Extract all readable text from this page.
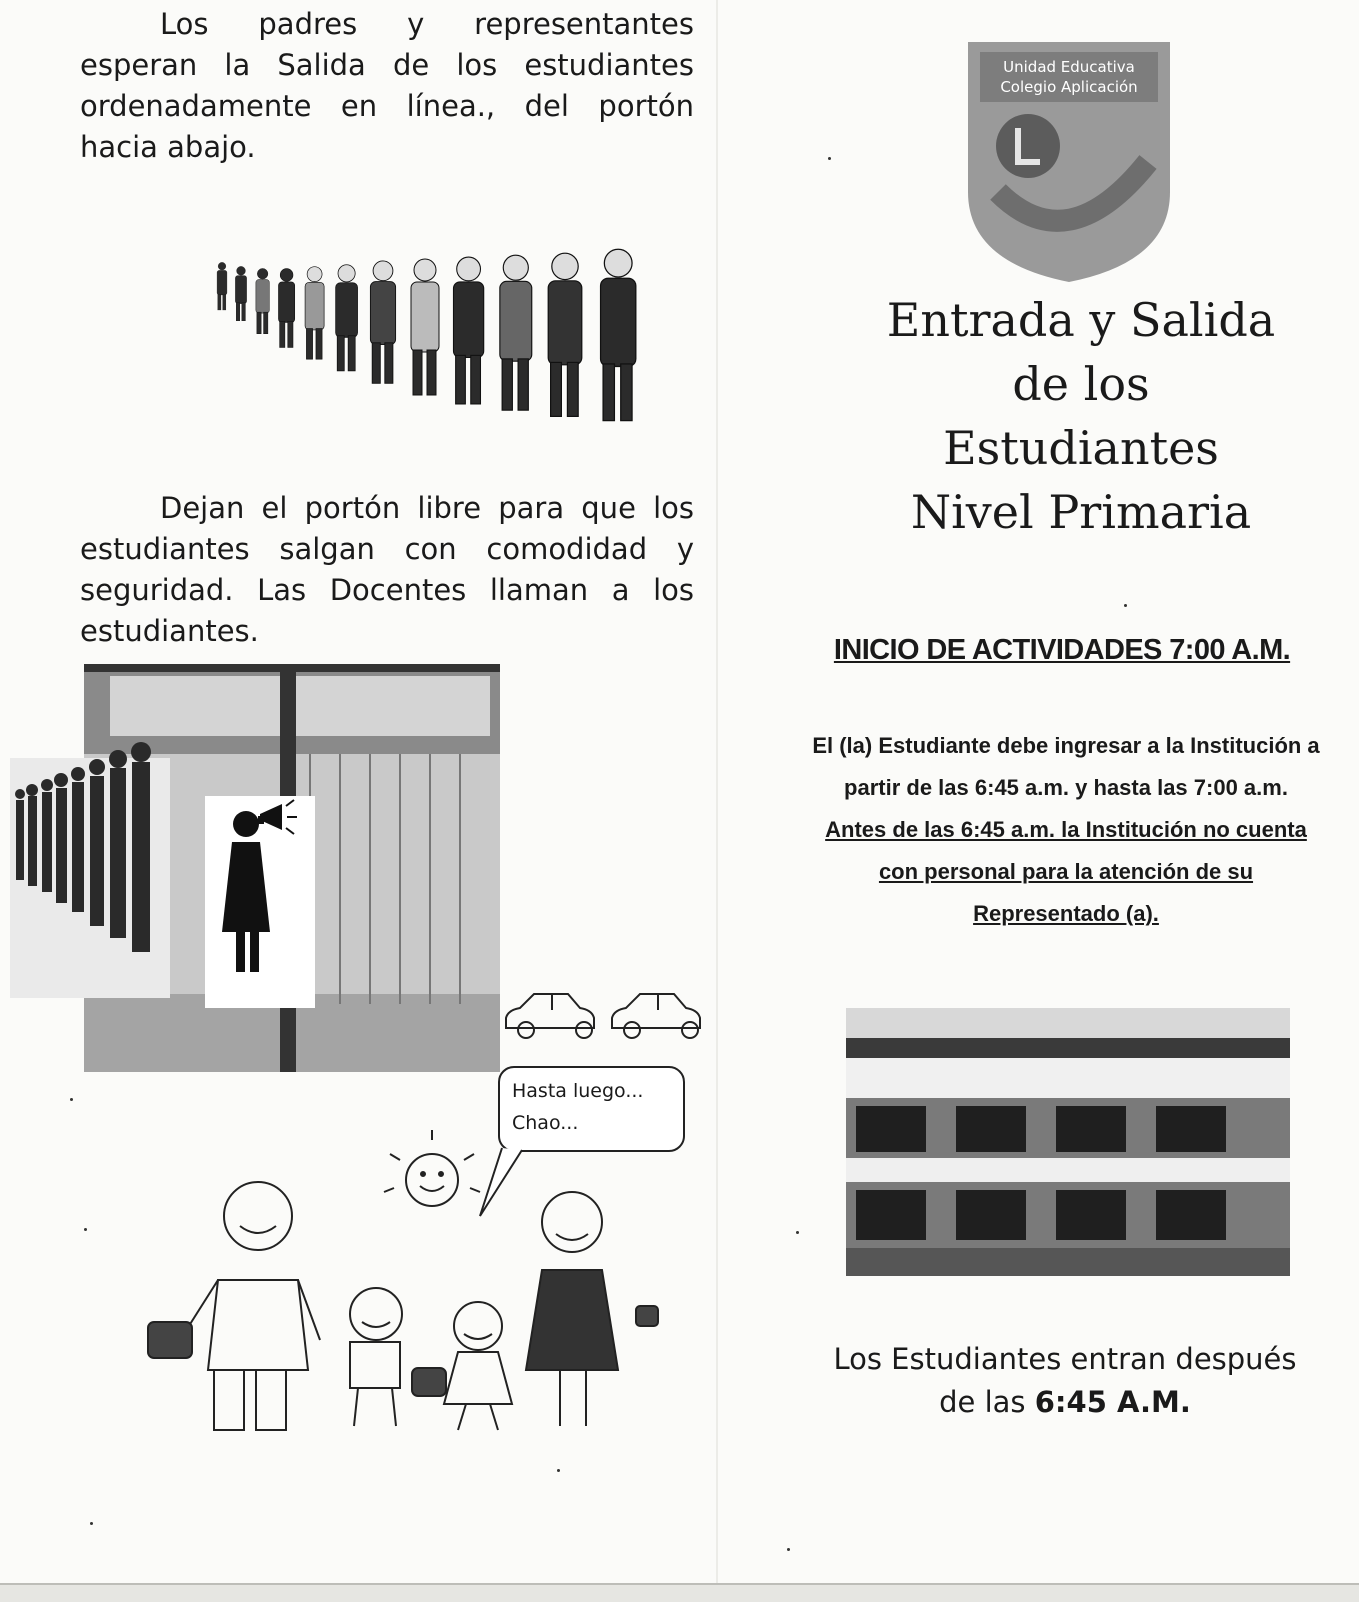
Los padres y representantes esperan la Salida de los estudiantes ordenadamente en línea., del portón hacia abajo.

Dejan el portón libre para que los estudiantes salgan con comodidad y seguridad. Las Docentes llaman a los estudiantes.

Hasta luego...
Chao...
Unidad Educativa
Colegio Aplicación
Entrada y Salida
de los
Estudiantes
Nivel Primaria
INICIO DE ACTIVIDADES 7:00 A.M.

El (la) Estudiante debe ingresar a la Institución a partir de las 6:45 a.m. y hasta las 7:00 a.m.
Antes de las 6:45 a.m. la Institución no cuenta con personal para la atención de su Representado (a).

Los Estudiantes entran después de las 6:45 A.M.
